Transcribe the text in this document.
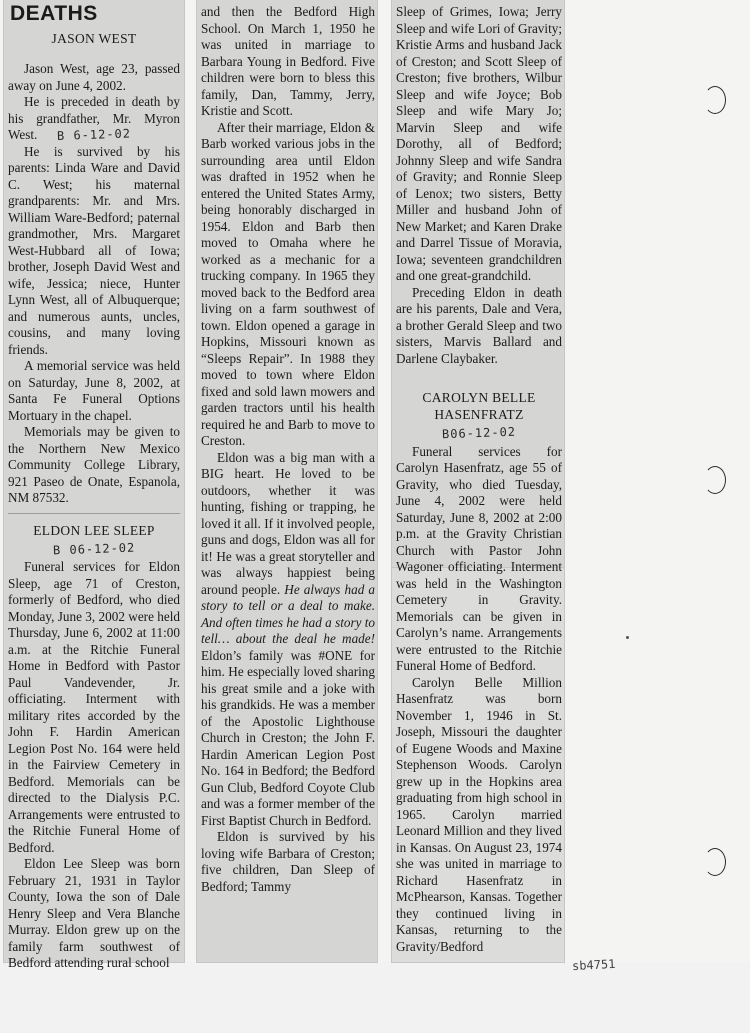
DEATHS
JASON WEST

Jason West, age 23, passed away on June 4, 2002.

He is preceded in death by his grandfather, Mr. Myron West. B 6-12-02

He is survived by his parents: Linda Ware and David C. West; his maternal grandparents: Mr. and Mrs. William Ware-Bedford; paternal grandmother, Mrs. Margaret West-Hubbard all of Iowa; brother, Joseph David West and wife, Jessica; niece, Hunter Lynn West, all of Albuquerque; and numerous aunts, uncles, cousins, and many loving friends.

A memorial service was held on Saturday, June 8, 2002, at Santa Fe Funeral Options Mortuary in the chapel.

Memorials may be given to the Northern New Mexico Community College Library, 921 Paseo de Onate, Espanola, NM 87532.

ELDON LEE SLEEP
B 06-12-02

Funeral services for Eldon Sleep, age 71 of Creston, formerly of Bedford, who died Monday, June 3, 2002 were held Thursday, June 6, 2002 at 11:00 a.m. at the Ritchie Funeral Home in Bedford with Pastor Paul Vandevender, Jr. officiating. Interment with military rites accorded by the John F. Hardin American Legion Post No. 164 were held in the Fairview Cemetery in Bedford. Memorials can be directed to the Dialysis P.C. Arrangements were entrusted to the Ritchie Funeral Home of Bedford.

Eldon Lee Sleep was born February 21, 1931 in Taylor County, Iowa the son of Dale Henry Sleep and Vera Blanche Murray. Eldon grew up on the family farm southwest of Bedford attending rural school

and then the Bedford High School. On March 1, 1950 he was united in marriage to Barbara Young in Bedford. Five children were born to bless this family, Dan, Tammy, Jerry, Kristie and Scott.

After their marriage, Eldon & Barb worked various jobs in the surrounding area until Eldon was drafted in 1952 when he entered the United States Army, being honorably discharged in 1954. Eldon and Barb then moved to Omaha where he worked as a mechanic for a trucking company. In 1965 they moved back to the Bedford area living on a farm southwest of town. Eldon opened a garage in Hopkins, Missouri known as “Sleeps Repair”. In 1988 they moved to town where Eldon fixed and sold lawn mowers and garden tractors until his health required he and Barb to move to Creston.

Eldon was a big man with a BIG heart. He loved to be outdoors, whether it was hunting, fishing or trapping, he loved it all. If it involved people, guns and dogs, Eldon was all for it! He was a great storyteller and was always happiest being around people. He always had a story to tell or a deal to make. And often times he had a story to tell… about the deal he made! Eldon’s family was #ONE for him. He especially loved sharing his great smile and a joke with his grandkids. He was a member of the Apostolic Lighthouse Church in Creston; the John F. Hardin American Legion Post No. 164 in Bedford; the Bedford Gun Club, Bedford Coyote Club and was a former member of the First Baptist Church in Bedford.

Eldon is survived by his loving wife Barbara of Creston; five children, Dan Sleep of Bedford; Tammy

Sleep of Grimes, Iowa; Jerry Sleep and wife Lori of Gravity; Kristie Arms and husband Jack of Creston; and Scott Sleep of Creston; five brothers, Wilbur Sleep and wife Joyce; Bob Sleep and wife Mary Jo; Marvin Sleep and wife Dorothy, all of Bedford; Johnny Sleep and wife Sandra of Gravity; and Ronnie Sleep of Lenox; two sisters, Betty Miller and husband John of New Market; and Karen Drake and Darrel Tissue of Moravia, Iowa; seventeen grandchildren and one great-grandchild.

Preceding Eldon in death are his parents, Dale and Vera, a brother Gerald Sleep and two sisters, Marvis Ballard and Darlene Claybaker.

CAROLYN BELLE
HASENFRATZ
B06-12-02

Funeral services for Carolyn Hasenfratz, age 55 of Gravity, who died Tuesday, June 4, 2002 were held Saturday, June 8, 2002 at 2:00 p.m. at the Gravity Christian Church with Pastor John Wagoner officiating. Interment was held in the Washington Cemetery in Gravity. Memorials can be given in Carolyn’s name. Arrangements were entrusted to the Ritchie Funeral Home of Bedford.

Carolyn Belle Million Hasenfratz was born November 1, 1946 in St. Joseph, Missouri the daughter of Eugene Woods and Maxine Stephenson Woods. Carolyn grew up in the Hopkins area graduating from high school in 1965. Carolyn married Leonard Million and they lived in Kansas. On August 23, 1974 she was united in marriage to Richard Hasenfratz in McPhearson, Kansas. Together they continued living in Kansas, returning to the Gravity/Bedford

sb4751
